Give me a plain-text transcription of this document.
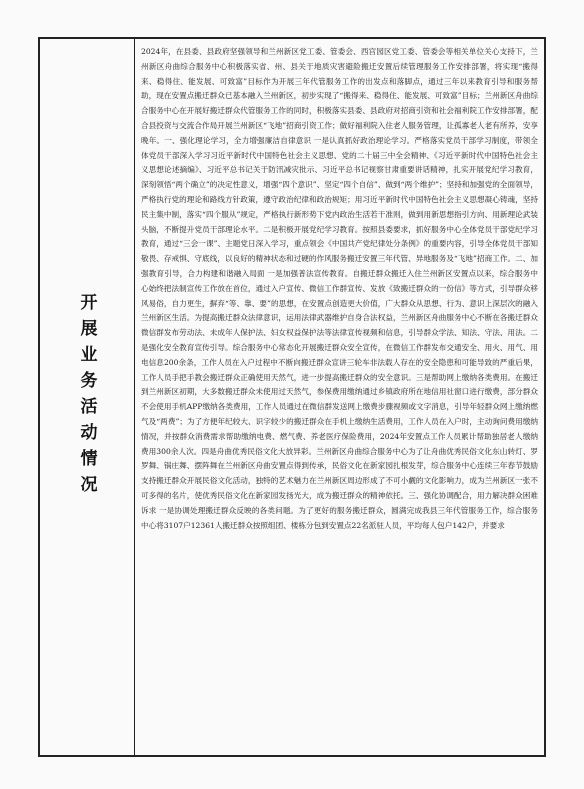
开展业务活动情况

2024年，在县委、县政府坚强领导和兰州新区党工委、管委会、西宫园区党工委、管委会等相关单位关心支持下，兰州新区舟曲综合服务中心积极落实省、州、县关于地质灾害避险搬迁安置后续管理服务工作安排部署，将实现“搬得来、稳得住、能发展、可致富”目标作为开展三年代管服务工作的出发点和落脚点，通过三年以来教育引导和服务帮助，现在安置点搬迁群众已基本融入兰州新区，初步实现了“搬得来、稳得住、能发展、可致富”目标；兰州新区舟曲综合服务中心在开展好搬迁群众代管服务工作的同时，积极落实县委、县政府对招商引资和社会福利院工作安排部署，配合县投资与交流合作局开展兰州新区“飞地”招商引资工作；做好福利院入住老人服务管理，让孤寡老人老有所养，安享晚年。一、强化理论学习，全力增强廉洁自律意识 一是认真抓好政治理论学习。严格落实党员干部学习制度，带领全体党员干部深入学习习近平新时代中国特色社会主义思想、党的二十届三中全会精神、《习近平新时代中国特色社会主义思想论述摘编》、习近平总书记关于防汛减灾批示、习近平总书记视察甘肃重要讲话精神，扎实开展党纪学习教育，深刻领悟“两个确立”的决定性意义，增强“四个意识”、坚定“四个自信”、做到“两个维护”；坚持和加强党的全面领导，严格执行党的理论和路线方针政策，遵守政治纪律和政治规矩；用习近平新时代中国特色社会主义思想凝心铸魂，坚持民主集中制，落实“四个服从”规定，严格执行新形势下党内政治生活若干准则，做到用新思想指引方向、用新理论武装头脑，不断提升党员干部理论水平。二是积极开展党纪学习教育。按照县委要求，抓好服务中心全体党员干部党纪学习教育，通过“三会一课”、主题党日深入学习，重点领会《中国共产党纪律处分条例》的重要内容，引导全体党员干部知敬畏、存戒惧、守底线，以良好的精神状态和过硬的作风服务搬迁安置三年代管、异地服务及“飞地”招商工作。二、加强教育引导，合力构建和谐融入局面 一是加强普法宣传教育。自搬迁群众搬迁入住兰州新区安置点以来，综合服务中心始终把法制宣传工作放在首位，通过入户宣传、微信工作群宣传、发放《致搬迁群众的一份信》等方式，引导群众移风易俗，自力更生，摒弃“等、靠、要”的思想，在安置点创造更大价值，广大群众从思想、行为、意识上深层次的融入兰州新区生活。为提高搬迁群众法律意识，运用法律武器维护自身合法权益，兰州新区舟曲服务中心不断在各搬迁群众微信群发布劳动法、未成年人保护法、妇女权益保护法等法律宣传视频和信息，引导群众学法、知法、守法、用法。二是强化安全教育宣传引导。综合服务中心常态化开展搬迁群众安全宣传，在微信工作群发布交通安全、用火、用气、用电信息200余条，工作人员在入户过程中不断向搬迁群众宣讲三轮车非法载人存在的安全隐患和可能导致的严重后果，工作人员手把手教会搬迁群众正确使用天然气，进一步提高搬迁群众的安全意识。三是帮助网上缴纳各类费用。在搬迁到兰州新区初期，大多数搬迁群众未使用过天然气，参保费用缴纳通过乡镇政府所在地信用社窗口进行缴费，部分群众不会使用手机APP缴纳各类费用，工作人员通过在微信群发送网上缴费步骤视频或文字消息，引导年轻群众网上缴纳燃气及“两费”；为了方便年纪较大、识字较少的搬迁群众在手机上缴纳生活费用，工作人员在入户时，主动询问费用缴纳情况，并按群众消费需求帮助缴纳电费、燃气费、养老医疗保险费用，2024年安置点工作人员累计帮助独居老人缴纳费用300余人次。四是舟曲优秀民俗文化大放异彩。兰州新区舟曲综合服务中心为了让舟曲优秀民俗文化东山转灯、罗罗舞、锅庄舞、摆阵舞在兰州新区舟曲安置点得到传承，民俗文化在新家园扎根发芽，综合服务中心连续三年春节鼓励支持搬迁群众开展民俗文化活动，独特的艺术魅力在兰州新区周边形成了不可小觑的文化影响力，成为兰州新区一张不可多得的名片，使优秀民俗文化在新家园发扬光大，成为搬迁群众的精神依托。三、强化协调配合，用力解决群众困难诉求 一是协调处理搬迁群众反映的各类问题。为了更好的服务搬迁群众，圆满完成我县三年代管服务工作，综合服务中心将3107户12361人搬迁群众按照组团、楼栋分包到安置点22名派驻人员，平均每人包户142户，并要求
